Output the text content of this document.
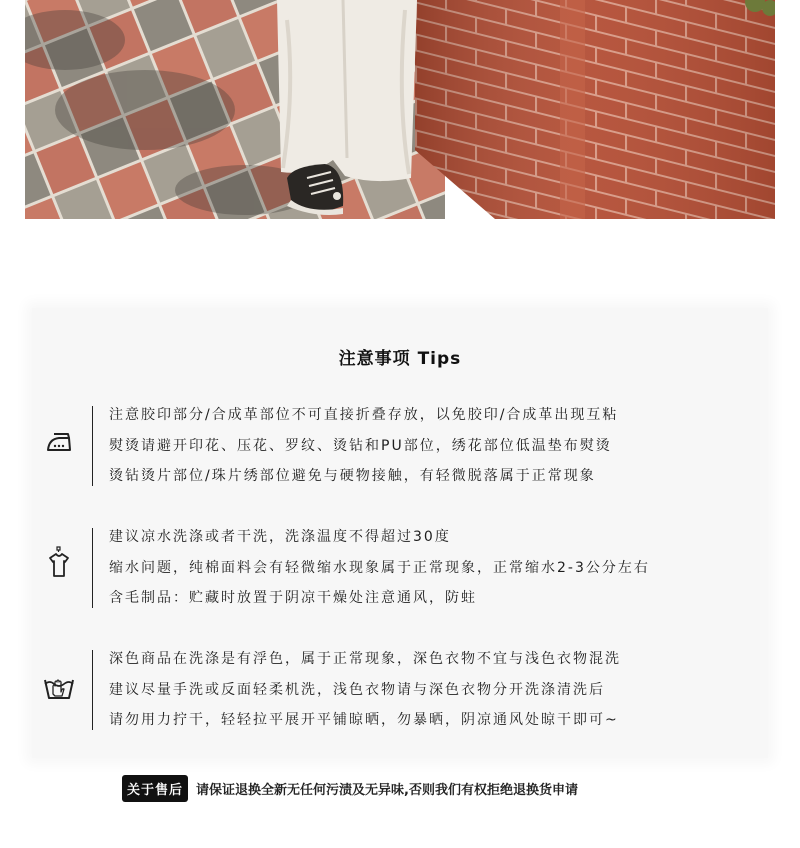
注意事项 Tips
注意胶印部分/合成革部位不可直接折叠存放，以免胶印/合成革出现互粘
熨烫请避开印花、压花、罗纹、烫钻和PU部位，绣花部位低温垫布熨烫
烫钻烫片部位/珠片绣部位避免与硬物接触，有轻微脱落属于正常现象
建议凉水洗涤或者干洗，洗涤温度不得超过30度
缩水问题，纯棉面料会有轻微缩水现象属于正常现象，正常缩水2-3公分左右
含毛制品：贮藏时放置于阴凉干燥处注意通风，防蛀
深色商品在洗涤是有浮色，属于正常现象，深色衣物不宜与浅色衣物混洗
建议尽量手洗或反面轻柔机洗，浅色衣物请与深色衣物分开洗涤清洗后
请勿用力拧干，轻轻拉平展开平铺晾晒，勿暴晒，阴凉通风处晾干即可~
关于售后	请保证退换全新无任何污渍及无异味,否则我们有权拒绝退换货申请
